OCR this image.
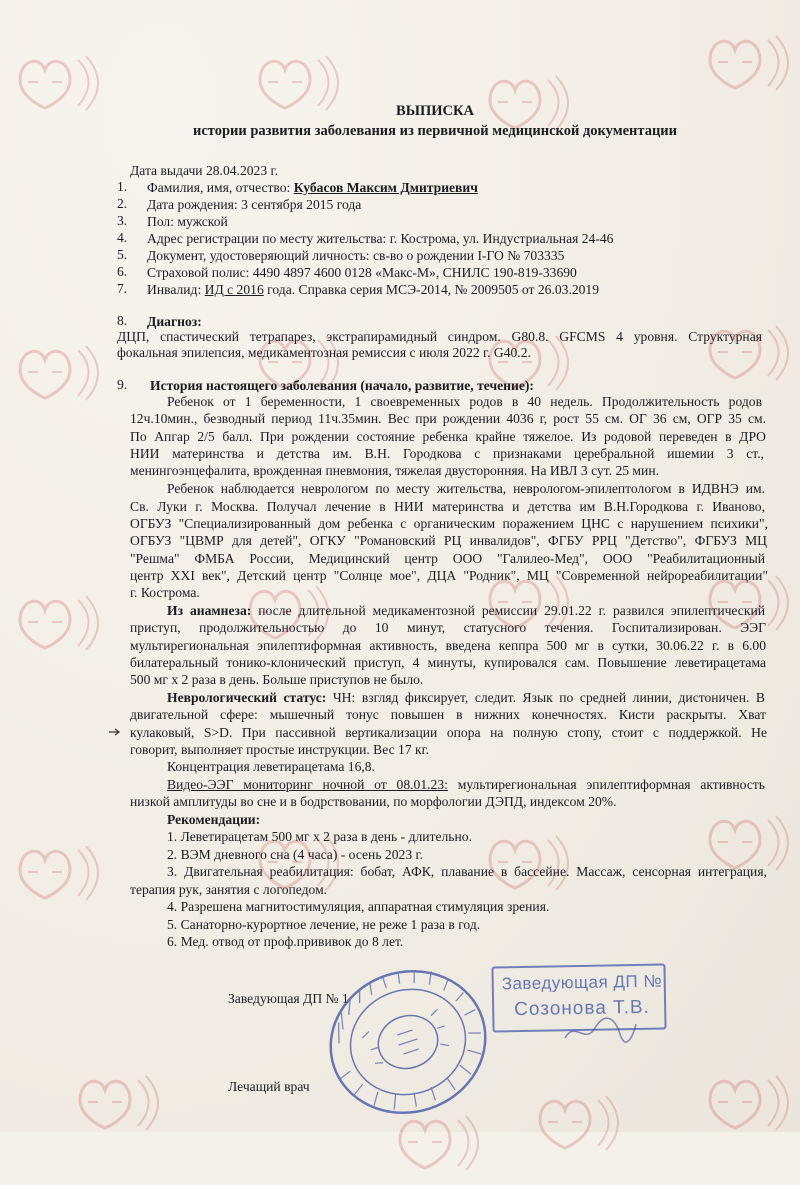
ВЫПИСКА
истории развития заболевания из первичной медицинской документации
Дата выдачи 28.04.2023 г.
1. Фамилия, имя, отчество: Кубасов Максим Дмитриевич
2. Дата рождения: 3 сентября 2015 года
3. Пол: мужской
4. Адрес регистрации по месту жительства: г. Кострома, ул. Индустриальная 24-46
5. Документ, удостоверяющий личность: св-во о рождении I-ГО № 703335
6. Страховой полис: 4490 4897 4600 0128 «Макс-М», СНИЛС 190-819-33690
7. Инвалид: ИД с 2016 года. Справка серия МСЭ-2014, № 2009505 от 26.03.2019
8. Диагноз:
ДЦП, спастический тетрапарез, экстрапирамидный синдром. G80.8. GFCMS 4 уровня. Структурная
фокальная эпилепсия, медикаментозная ремиссия с июля 2022 г. G40.2.
9. История настоящего заболевания (начало, развитие, течение):
Ребенок от 1 беременности, 1 своевременных родов в 40 недель. Продолжительность родов
12ч.10мин., безводный период 11ч.35мин. Вес при рождении 4036 г, рост 55 см. ОГ 36 см, ОГР 35 см.
По Апгар 2/5 балл. При рождении состояние ребенка крайне тяжелое. Из родовой переведен в ДРО
НИИ материнства и детства им. В.Н. Городкова с признаками церебральной ишемии 3 ст.,
менингоэнцефалита, врожденная пневмония, тяжелая двусторонняя. На ИВЛ 3 сут. 25 мин.
Ребенок наблюдается неврологом по месту жительства, неврологом-эпилептологом в ИДВНЭ им.
Св. Луки г. Москва. Получал лечение в НИИ материнства и детства им В.Н.Городкова г. Иваново,
ОГБУЗ "Специализированный дом ребенка с органическим поражением ЦНС с нарушением психики",
ОГБУЗ "ЦВМР для детей", ОГКУ "Романовский РЦ инвалидов", ФГБУ РРЦ "Детство", ФГБУЗ МЦ
"Решма" ФМБА России, Медицинский центр ООО "Галилео-Мед", ООО "Реабилитационный
центр XXI век", Детский центр "Солнце мое", ДЦА "Родник", МЦ "Современной нейрореабилитации"
г. Кострома.
Из анамнеза: после длительной медикаментозной ремиссии 29.01.22 г. развился эпилептический
приступ, продолжительностью до 10 минут, статусного течения. Госпитализирован. ЭЭГ
мультирегиональная эпилептиформная активность, введена кеппра 500 мг в сутки, 30.06.22 г. в 6.00
билатеральный тонико-клонический приступ, 4 минуты, купировался сам. Повышение леветирацетама
500 мг х 2 раза в день. Больше приступов не было.
Неврологический статус: ЧН: взгляд фиксирует, следит. Язык по средней линии, дистоничен. В
двигательной сфере: мышечный тонус повышен в нижних конечностях. Кисти раскрыты. Хват
кулаковый, S>D. При пассивной вертикализации опора на полную стопу, стоит с поддержкой. Не
говорит, выполняет простые инструкции. Вес 17 кг.
Концентрация леветирацетама 16,8.
Видео-ЭЭГ мониторинг ночной от 08.01.23: мультирегиональная эпилептиформная активность
низкой амплитуды во сне и в бодрствовании, по морфологии ДЭПД, индексом 20%.
Рекомендации:
1. Леветирацетам 500 мг х 2 раза в день - длительно.
2. ВЭМ дневного сна (4 часа) - осень 2023 г.
3. Двигательная реабилитация: бобат, АФК, плавание в бассейне. Массаж, сенсорная интеграция,
терапия рук, занятия с логопедом.
4. Разрешена магнитостимуляция, аппаратная стимуляция зрения.
5. Санаторно-курортное лечение, не реже 1 раза в год.
6. Мед. отвод от проф.прививок до 8 лет.
Заведующая ДП № 1
Лечащий врач
Заведующая ДП №
Созонова Т.В.
